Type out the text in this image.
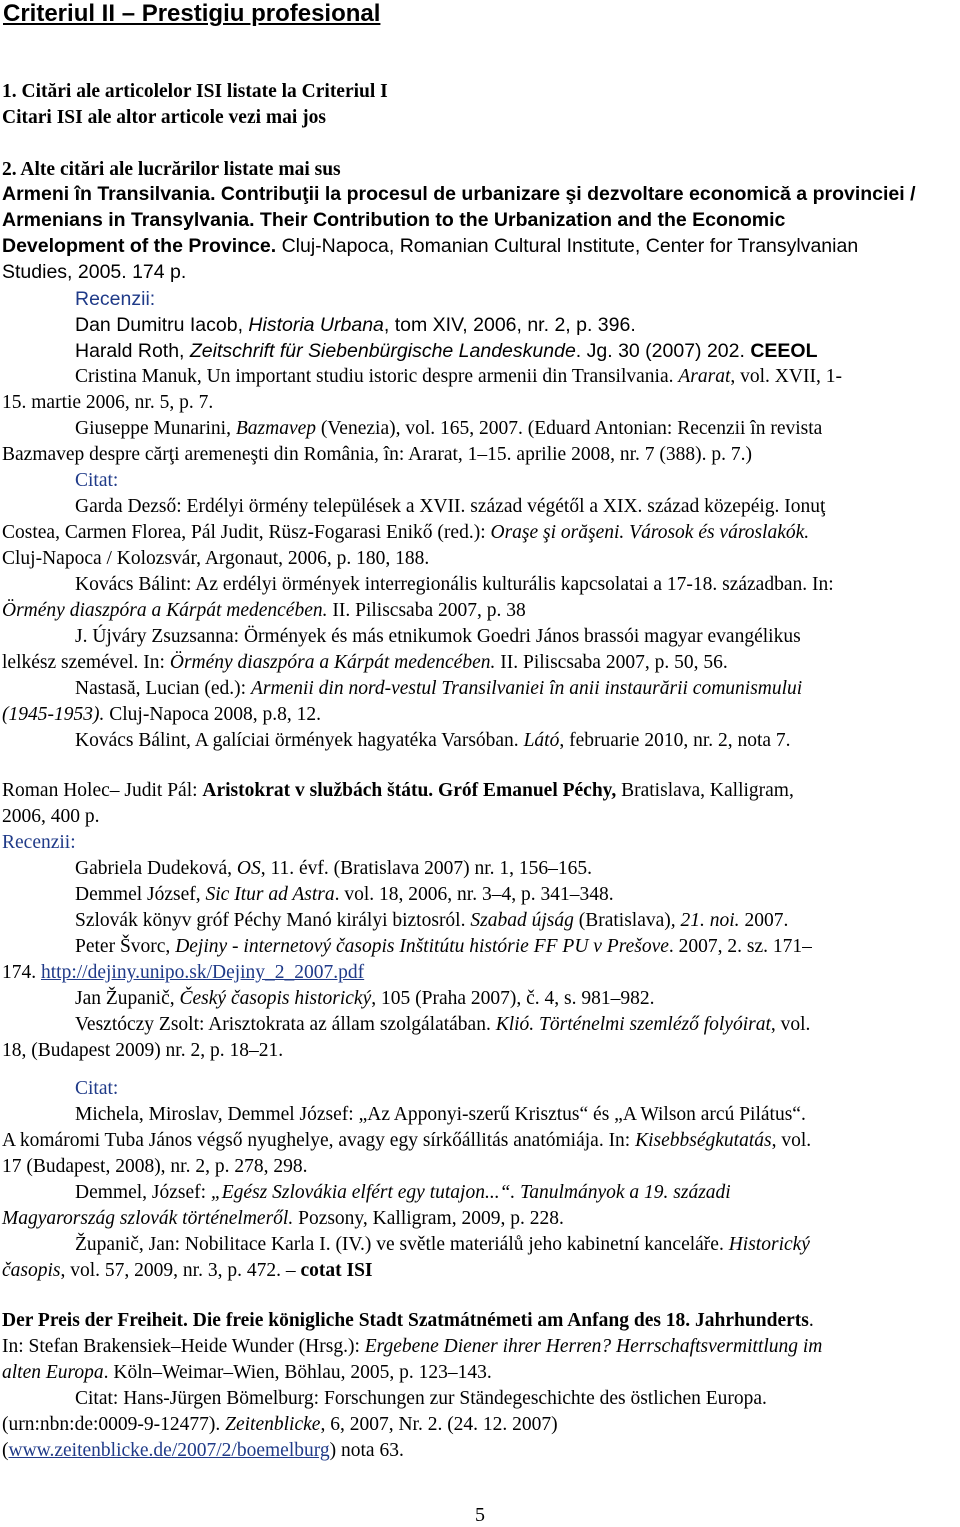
Criteriul II – Prestigiu profesional
1. Citări ale articolelor ISI listate la Criteriul I
Citari ISI ale altor articole vezi mai jos
2. Alte citări ale lucrărilor listate mai sus
Armeni în Transilvania. Contribuţii la procesul de urbanizare şi dezvoltare economică a provinciei /
Armenians in Transylvania. Their Contribution to the Urbanization and the Economic
Development of the Province. Cluj-Napoca, Romanian Cultural Institute, Center for Transylvanian
Studies, 2005. 174 p.
Recenzii:
Dan Dumitru Iacob, Historia Urbana, tom XIV, 2006, nr. 2, p. 396.
Harald Roth, Zeitschrift für Siebenbürgische Landeskunde. Jg. 30 (2007) 202. CEEOL
Cristina Manuk, Un important studiu istoric despre armenii din Transilvania. Ararat, vol. XVII, 1-
15. martie 2006, nr. 5, p. 7.
Giuseppe Munarini, Bazmavep (Venezia), vol. 165, 2007. (Eduard Antonian: Recenzii în revista
Bazmavep despre cărţi aremeneşti din România, în: Ararat, 1–15. aprilie 2008, nr. 7 (388). p. 7.)
Citat:
Garda Dezső: Erdélyi örmény települések a XVII. század végétől a XIX. század közepéig. Ionuţ
Costea, Carmen Florea, Pál Judit, Rüsz-Fogarasi Enikő (red.): Oraşe şi orăşeni. Városok és városlakók.
Cluj-Napoca / Kolozsvár, Argonaut, 2006, p. 180, 188.
Kovács Bálint: Az erdélyi örmények interregionális kulturális kapcsolatai a 17-18. században. In:
Örmény diaszpóra a Kárpát medencében. II. Piliscsaba 2007, p. 38
J. Újváry Zsuzsanna: Örmények és más etnikumok Goedri János brassói magyar evangélikus
lelkész szemével. In: Örmény diaszpóra a Kárpát medencében. II. Piliscsaba 2007, p. 50, 56.
Nastasă, Lucian (ed.): Armenii din nord-vestul Transilvaniei în anii instaurării comunismului
(1945-1953). Cluj-Napoca 2008, p.8, 12.
Kovács Bálint, A galíciai örmények hagyatéka Varsóban. Látó, februarie 2010, nr. 2, nota 7.
Roman Holec– Judit Pál: Aristokrat v službách štátu. Gróf Emanuel Péchy, Bratislava, Kalligram,
2006, 400 p.
Recenzii:
Gabriela Dudeková, OS, 11. évf. (Bratislava 2007) nr. 1, 156–165.
Demmel József, Sic Itur ad Astra. vol. 18, 2006, nr. 3–4, p. 341–348.
Szlovák könyv gróf Péchy Manó királyi biztosról. Szabad újság (Bratislava), 21. noi. 2007.
Peter Švorc, Dejiny - internetový časopis Inštitútu histórie FF PU v Prešove. 2007, 2. sz. 171–
174. http://dejiny.unipo.sk/Dejiny_2_2007.pdf
Jan Županič, Český časopis historický, 105 (Praha 2007), č. 4, s. 981–982.
Vesztóczy Zsolt: Arisztokrata az állam szolgálatában. Klió. Történelmi szemléző folyóirat, vol.
18, (Budapest 2009) nr. 2, p. 18–21.
Citat:
Michela, Miroslav, Demmel József: „Az Apponyi-szerű Krisztus“ és „A Wilson arcú Pilátus“.
A komáromi Tuba János végső nyughelye, avagy egy sírkőállitás anatómiája. In: Kisebbségkutatás, vol.
17 (Budapest, 2008), nr. 2, p. 278, 298.
Demmel, József: „Egész Szlovákia elfért egy tutajon...“. Tanulmányok a 19. századi
Magyarország szlovák történelmeről. Pozsony, Kalligram, 2009, p. 228.
Županič, Jan: Nobilitace Karla I. (IV.) ve světle materiálů jeho kabinetní kanceláře. Historický
časopis, vol. 57, 2009, nr. 3, p. 472. – cotat ISI
Der Preis der Freiheit. Die freie königliche Stadt Szatmátnémeti am Anfang des 18. Jahrhunderts.
In: Stefan Brakensiek–Heide Wunder (Hrsg.): Ergebene Diener ihrer Herren? Herrschaftsvermittlung im
alten Europa. Köln–Weimar–Wien, Böhlau, 2005, p. 123–143.
Citat: Hans-Jürgen Bömelburg: Forschungen zur Ständegeschichte des östlichen Europa.
(urn:nbn:de:0009-9-12477). Zeitenblicke, 6, 2007, Nr. 2. (24. 12. 2007)
(www.zeitenblicke.de/2007/2/boemelburg) nota 63.
5
